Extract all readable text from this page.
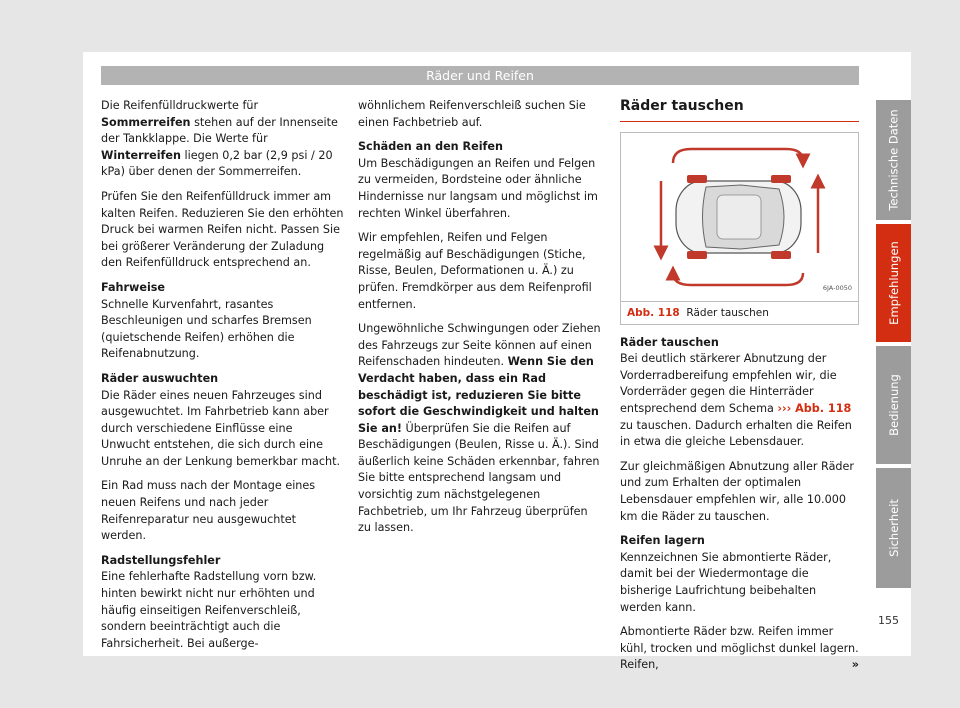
Räder und Reifen

Die Reifenfülldruckwerte für Sommerreifen stehen auf der Innenseite der Tankklappe. Die Werte für Winterreifen liegen 0,2 bar (2,9 psi / 20 kPa) über denen der Sommerreifen.

Prüfen Sie den Reifenfülldruck immer am kalten Reifen. Reduzieren Sie den erhöhten Druck bei warmen Reifen nicht. Passen Sie bei größerer Veränderung der Zuladung den Reifenfülldruck entsprechend an.

Fahrweise

Schnelle Kurvenfahrt, rasantes Beschleunigen und scharfes Bremsen (quietschende Reifen) erhöhen die Reifenabnutzung.

Räder auswuchten

Die Räder eines neuen Fahrzeuges sind ausgewuchtet. Im Fahrbetrieb kann aber durch verschiedene Einflüsse eine Unwucht entstehen, die sich durch eine Unruhe an der Lenkung bemerkbar macht.

Ein Rad muss nach der Montage eines neuen Reifens und nach jeder Reifenreparatur neu ausgewuchtet werden.

Radstellungsfehler

Eine fehlerhafte Radstellung vorn bzw. hinten bewirkt nicht nur erhöhten und häufig einseitigen Reifenverschleiß, sondern beeinträchtigt auch die Fahrsicherheit. Bei außerge-

wöhnlichem Reifenverschleiß suchen Sie einen Fachbetrieb auf.

Schäden an den Reifen

Um Beschädigungen an Reifen und Felgen zu vermeiden, Bordsteine oder ähnliche Hindernisse nur langsam und möglichst im rechten Winkel überfahren.

Wir empfehlen, Reifen und Felgen regelmäßig auf Beschädigungen (Stiche, Risse, Beulen, Deformationen u. Ä.) zu prüfen. Fremdkörper aus dem Reifenprofil entfernen.

Ungewöhnliche Schwingungen oder Ziehen des Fahrzeugs zur Seite können auf einen Reifenschaden hindeuten. Wenn Sie den Verdacht haben, dass ein Rad beschädigt ist, reduzieren Sie bitte sofort die Geschwindigkeit und halten Sie an! Überprüfen Sie die Reifen auf Beschädigungen (Beulen, Risse u. Ä.). Sind äußerlich keine Schäden erkennbar, fahren Sie bitte entsprechend langsam und vorsichtig zum nächstgelegenen Fachbetrieb, um Ihr Fahrzeug überprüfen zu lassen.

Räder tauschen
6JA-0050
Abb. 118 Räder tauschen

Räder tauschen

Bei deutlich stärkerer Abnutzung der Vorderradbereifung empfehlen wir, die Vorderräder gegen die Hinterräder entsprechend dem Schema ››› Abb. 118 zu tauschen. Dadurch erhalten die Reifen in etwa die gleiche Lebensdauer.

Zur gleichmäßigen Abnutzung aller Räder und zum Erhalten der optimalen Lebensdauer empfehlen wir, alle 10.000 km die Räder zu tauschen.

Reifen lagern

Kennzeichnen Sie abmontierte Räder, damit bei der Wiedermontage die bisherige Laufrichtung beibehalten werden kann.

Abmontierte Räder bzw. Reifen immer kühl, trocken und möglichst dunkel lagern. Reifen,	»

Technische Daten
Empfehlungen
Bedienung
Sicherheit
155
